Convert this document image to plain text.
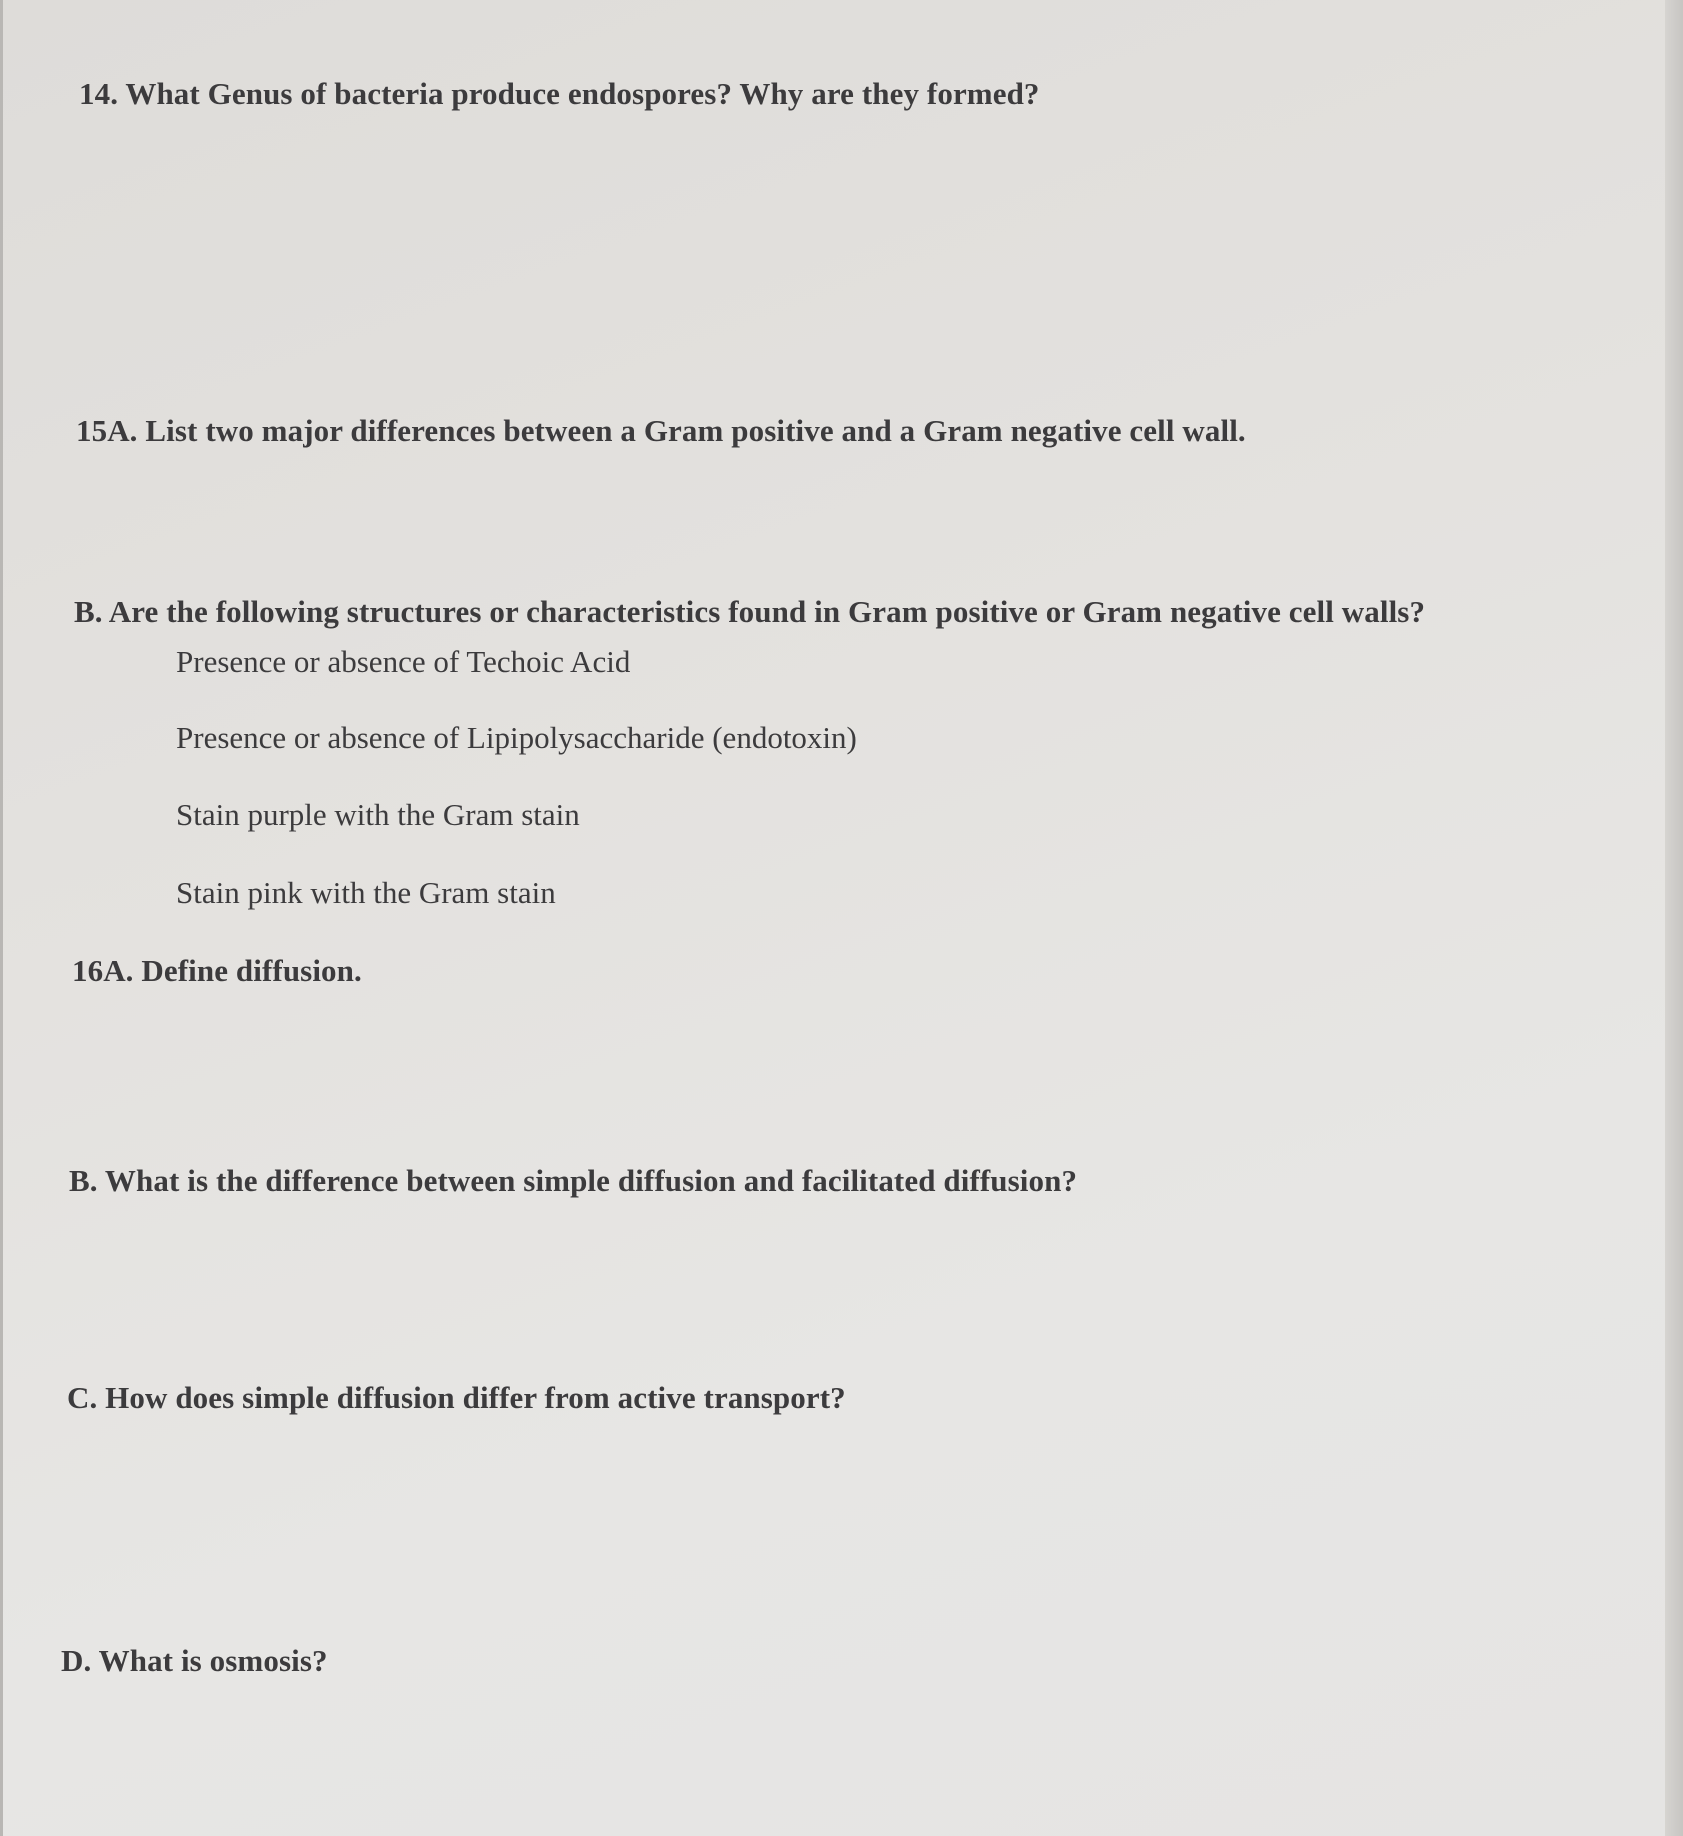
14. What Genus of bacteria produce endospores? Why are they formed?
15A. List two major differences between a Gram positive and a Gram negative cell wall.
B. Are the following structures or characteristics found in Gram positive or Gram negative cell walls?
Presence or absence of Techoic Acid
Presence or absence of Lipipolysaccharide (endotoxin)
Stain purple with the Gram stain
Stain pink with the Gram stain
16A. Define diffusion.
B. What is the difference between simple diffusion and facilitated diffusion?
C. How does simple diffusion differ from active transport?
D. What is osmosis?
